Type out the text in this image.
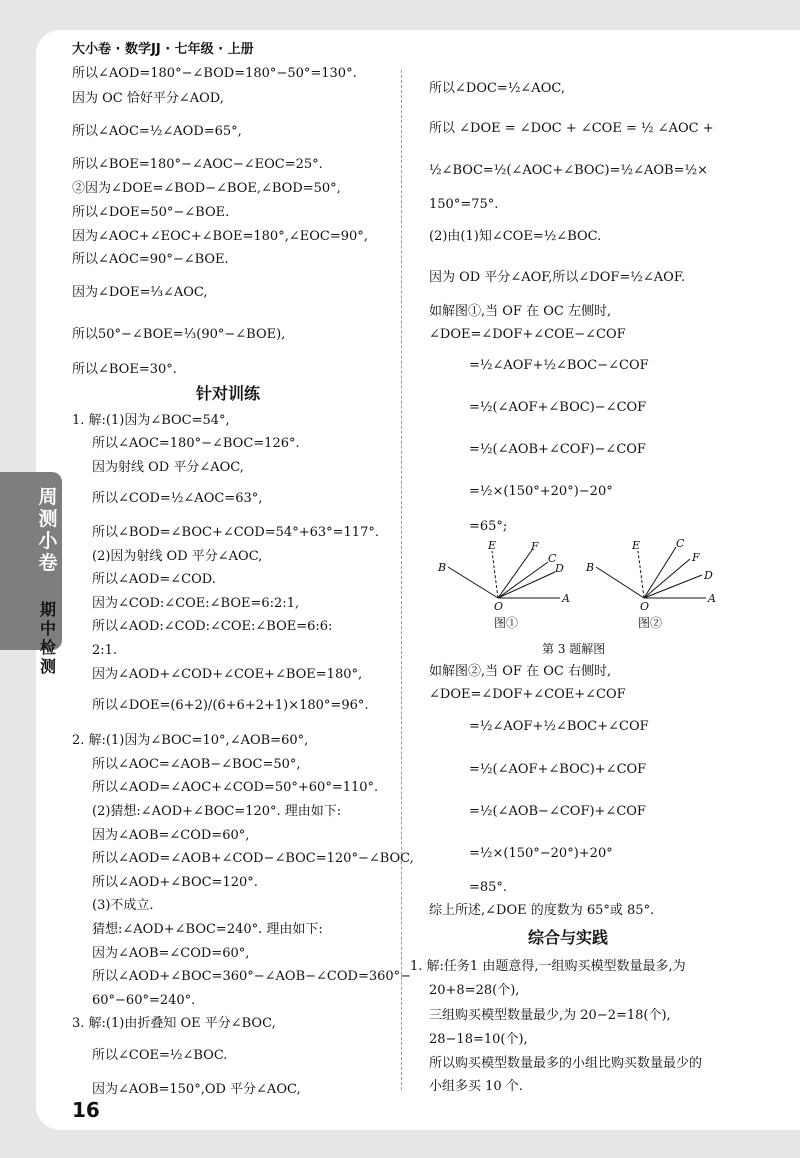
周测小卷
期中检测
大小卷 · 数学JJ · 七年级 · 上册
所以∠AOD=180°−∠BOD=180°−50°=130°.
因为 OC 恰好平分∠AOD,
所以∠AOC=½∠AOD=65°,
所以∠BOE=180°−∠AOC−∠EOC=25°.
②因为∠DOE=∠BOD−∠BOE,∠BOD=50°,
所以∠DOE=50°−∠BOE.
因为∠AOC+∠EOC+∠BOE=180°,∠EOC=90°,
所以∠AOC=90°−∠BOE.
因为∠DOE=⅓∠AOC,
所以50°−∠BOE=⅓(90°−∠BOE),
所以∠BOE=30°.
针对训练
1. 解:(1)因为∠BOC=54°,
所以∠AOC=180°−∠BOC=126°.
因为射线 OD 平分∠AOC,
所以∠COD=½∠AOC=63°,
所以∠BOD=∠BOC+∠COD=54°+63°=117°.
(2)因为射线 OD 平分∠AOC,
所以∠AOD=∠COD.
因为∠COD:∠COE:∠BOE=6:2:1,
所以∠AOD:∠COD:∠COE:∠BOE=6:6:
2:1.
因为∠AOD+∠COD+∠COE+∠BOE=180°,
所以∠DOE=(6+2)/(6+6+2+1)×180°=96°.
2. 解:(1)因为∠BOC=10°,∠AOB=60°,
所以∠AOC=∠AOB−∠BOC=50°,
所以∠AOD=∠AOC+∠COD=50°+60°=110°.
(2)猜想:∠AOD+∠BOC=120°. 理由如下:
因为∠AOB=∠COD=60°,
所以∠AOD=∠AOB+∠COD−∠BOC=120°−∠BOC,
所以∠AOD+∠BOC=120°.
(3)不成立.
猜想:∠AOD+∠BOC=240°. 理由如下:
因为∠AOB=∠COD=60°,
所以∠AOD+∠BOC=360°−∠AOB−∠COD=360°−
60°−60°=240°.
3. 解:(1)由折叠知 OE 平分∠BOC,
所以∠COE=½∠BOC.
因为∠AOB=150°,OD 平分∠AOC,
所以∠DOC=½∠AOC,
所以 ∠DOE = ∠DOC + ∠COE = ½ ∠AOC +
½∠BOC=½(∠AOC+∠BOC)=½∠AOB=½×
150°=75°.
(2)由(1)知∠COE=½∠BOC.
因为 OD 平分∠AOF,所以∠DOF=½∠AOF.
如解图①,当 OF 在 OC 左侧时,
∠DOE=∠DOF+∠COE−∠COF
=½∠AOF+½∠BOC−∠COF
=½(∠AOF+∠BOC)−∠COF
=½(∠AOB+∠COF)−∠COF
=½×(150°+20°)−20°
=65°;
第 3 题解图
如解图②,当 OF 在 OC 右侧时,
∠DOE=∠DOF+∠COE+∠COF
=½∠AOF+½∠BOC+∠COF
=½(∠AOF+∠BOC)+∠COF
=½(∠AOB−∠COF)+∠COF
=½×(150°−20°)+20°
=85°.
综上所述,∠DOE 的度数为 65°或 85°.
综合与实践
1. 解:任务1 由题意得,一组购买模型数量最多,为
20+8=28(个),
三组购买模型数量最少,为 20−2=18(个),
28−18=10(个),
所以购买模型数量最多的小组比购买数量最少的
小组多买 10 个.
B
E	F
C
D
O
A
图①
B
E	C
F
D
O
A
图②
16
